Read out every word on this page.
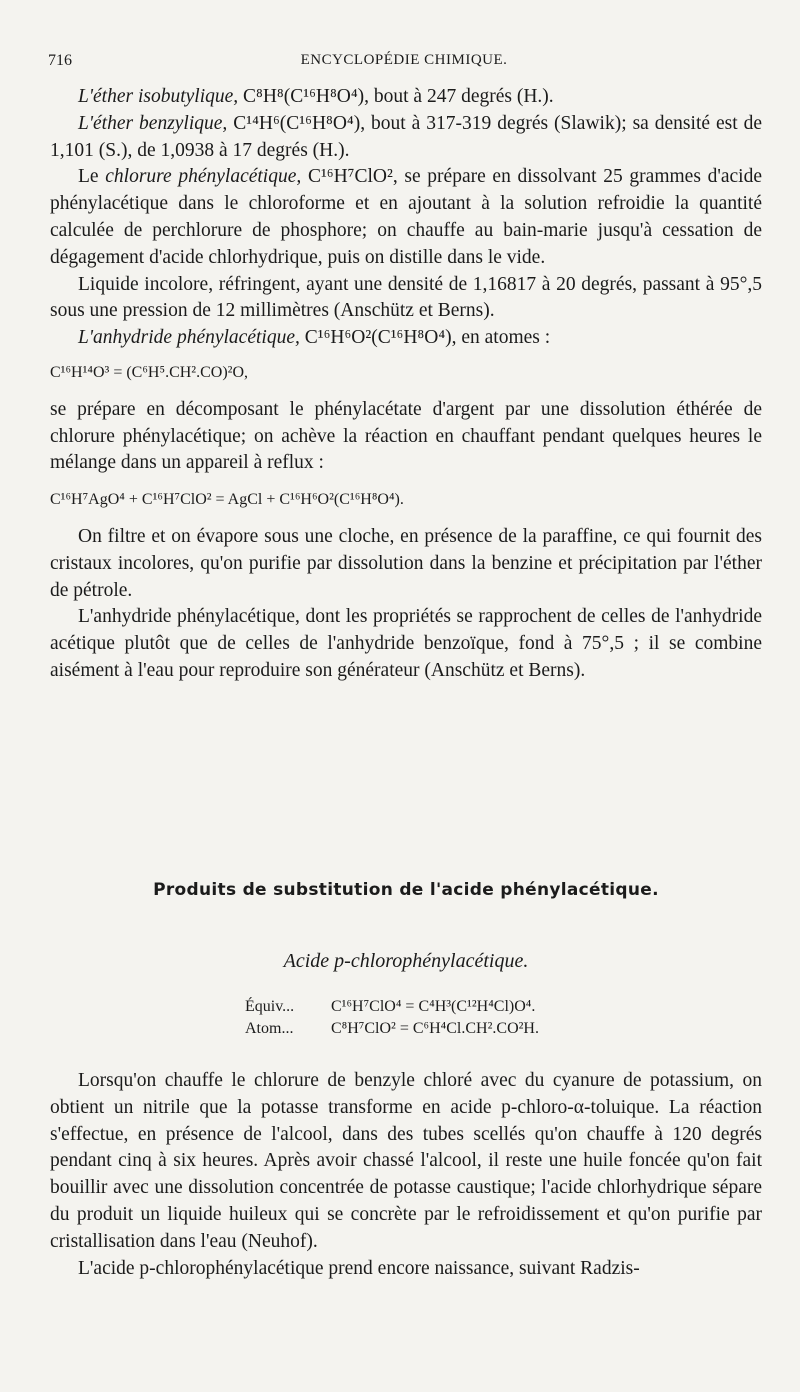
716	ENCYCLOPÉDIE CHIMIQUE.

L'éther isobutylique, C⁸H⁸(C¹⁶H⁸O⁴), bout à 247 degrés (H.).

L'éther benzylique, C¹⁴H⁶(C¹⁶H⁸O⁴), bout à 317-319 degrés (Slawik); sa densité est de 1,101 (S.), de 1,0938 à 17 degrés (H.).

Le chlorure phénylacétique, C¹⁶H⁷ClO², se prépare en dissolvant 25 grammes d'acide phénylacétique dans le chloroforme et en ajoutant à la solution refroidie la quantité calculée de perchlorure de phosphore; on chauffe au bain-marie jusqu'à cessation de dégagement d'acide chlorhydrique, puis on distille dans le vide.

Liquide incolore, réfringent, ayant une densité de 1,16817 à 20 degrés, passant à 95°,5 sous une pression de 12 millimètres (Anschütz et Berns).

L'anhydride phénylacétique, C¹⁶H⁶O²(C¹⁶H⁸O⁴), en atomes :

C¹⁶H¹⁴O³ = (C⁶H⁵.CH².CO)²O,

se prépare en décomposant le phénylacétate d'argent par une dissolution éthérée de chlorure phénylacétique; on achève la réaction en chauffant pendant quelques heures le mélange dans un appareil à reflux :

C¹⁶H⁷AgO⁴ + C¹⁶H⁷ClO² = AgCl + C¹⁶H⁶O²(C¹⁶H⁸O⁴).

On filtre et on évapore sous une cloche, en présence de la paraffine, ce qui fournit des cristaux incolores, qu'on purifie par dissolution dans la benzine et précipitation par l'éther de pétrole.

L'anhydride phénylacétique, dont les propriétés se rapprochent de celles de l'anhydride acétique plutôt que de celles de l'anhydride benzoïque, fond à 75°,5 ; il se combine aisément à l'eau pour reproduire son générateur (Anschütz et Berns).

Produits de substitution de l'acide phénylacétique.
Acide p-chlorophénylacétique.
Équiv... C¹⁶H⁷ClO⁴ = C⁴H³(C¹²H⁴Cl)O⁴.
Atom... C⁸H⁷ClO² = C⁶H⁴Cl.CH².CO²H.

Lorsqu'on chauffe le chlorure de benzyle chloré avec du cyanure de potassium, on obtient un nitrile que la potasse transforme en acide p-chloro-α-toluique. La réaction s'effectue, en présence de l'alcool, dans des tubes scellés qu'on chauffe à 120 degrés pendant cinq à six heures. Après avoir chassé l'alcool, il reste une huile foncée qu'on fait bouillir avec une dissolution concentrée de potasse caustique; l'acide chlorhydrique sépare du produit un liquide huileux qui se concrète par le refroidissement et qu'on purifie par cristallisation dans l'eau (Neuhof).

L'acide p-chlorophénylacétique prend encore naissance, suivant Radzis-
